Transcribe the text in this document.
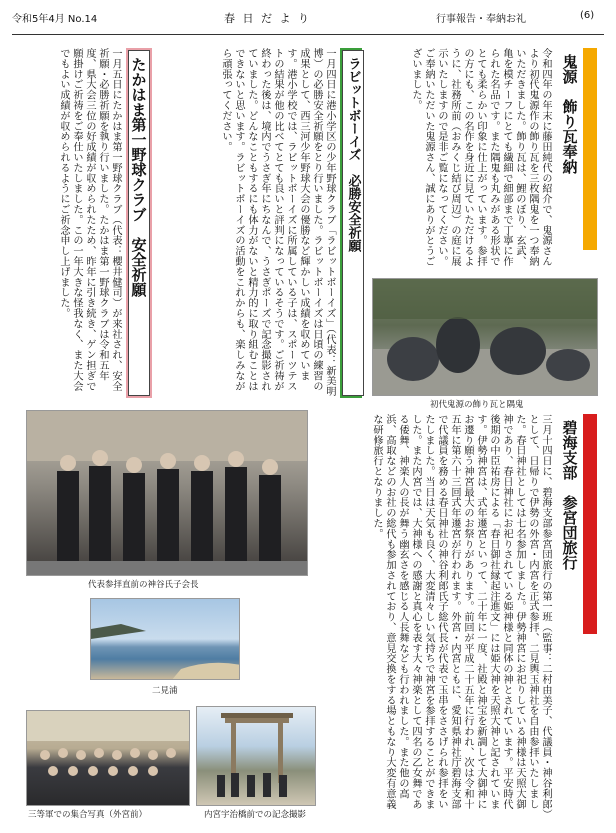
令和5年4月 No.14	春 日 だ よ り	行事報告・奉納お礼	(6)
鬼源　飾り瓦奉納
令和四年の年末に藤田純代の紹介で、鬼源さんより初代鬼源作の飾り瓦を三枚隅鬼を一つ奉納いただきました。飾り瓦は、鯉のぼり、玄武、亀を模チーフにとても繊細で細部まで丁寧に作られた名品です。また隅鬼も丸みがある形状でとても柔らかい印象に仕上がっています。参拝の方にも、この名作を身近に見ていただけるように、社務所前（おみくじ結び周辺）の庭に展示いたしますので是非ご覧になってください。ご奉納いただいた鬼源さん、誠にありがとうございました。
初代鬼源の飾り瓦と隅鬼
ラビットボーイズ　必勝安全祈願
一月四日に港小学区の少年野球クラブ「ラビットボーイズ」（代表：新美明博）の必勝安全祈願をとり行いました。ラビットボーイズは日頃の練習の成果として、西三河少年野球大会の優勝など輝かしい成績を収めています。港小学校では、ラビットボーイズに所属している子は、スポーツテストの結果が他の比べてとても良いと評判になっているそうです。ご祈祷が終わった後は、境内でうさぎ年にちなんで、うさぎポーズで記念撮影されていました。どんなこともするにも体力がないと精力的に取り組むことはできないと思います。ラビットボーイズの活動をこれからも、楽しみながら頑張ってください。
たかはま第一野球クラブ　安全祈願
一月五日にたかはま第一野球クラブ（代表：櫻井健司）が来社され、安全祈願・必勝祈願を執り行いました。たかはま第一野球クラブは令和五年度、県大会三位の好成績が収められたため、昨年に引き続き、ゲン担ぎで願掛けご祈祷をご奉仕いたしました。この一年大きな怪我なく、また大会でもよい成績が収められるようにご祈念申し上げました。
碧海支部　参宮団旅行
三月十四日に、碧海支部参宮団旅行の第一班（監事：二村由美子、代議員・神谷利郎）として、日帰りで伊勢の外宮・内宮を正式参拝、二見輿玉神社を自由参拝いたしました。春日神社としては七名参加しました。伊勢神宮にお祀りしている神様は天照大御神であり、春日神社にお祀りされている姫神様と同体の神とされています。平安時代後期の中臣祐房による「春日御社縁起注進文」には姫大神を天照大神と記されています。伊勢神宮は、式年遷宮といって、二十年に一度、社殿と神宝を新調して大御神にお遷り願う神宮最大のお祭りがあります。前回が平成二十五年に行われ、次は令和十五年に第六十三回式年遷宮が行われます。外宮・内宮ともに、愛知県神社庁碧海支部で代議員を務める春日神社の神谷利郎氏子総代長が代表で玉串をささげられ参拝をいたしました。当日は天気も良く、大変清々しい気持ちで神宮を参拝することができました。また内宮では、大神様への感謝と真心を表す大々神楽として四名の乙女舞である倭舞、神楽人の長が舞う幽玄さを感じる人長舞なども行われました。また他の高浜、高取などのお社の総代も参加されており、意見交換をする場ともなり大変有意義な研修旅行となりました。
代表参拝直前の神谷氏子会長
二見浦
三等軍での集合写真（外宮前）	内宮宇治橋前での記念撮影
